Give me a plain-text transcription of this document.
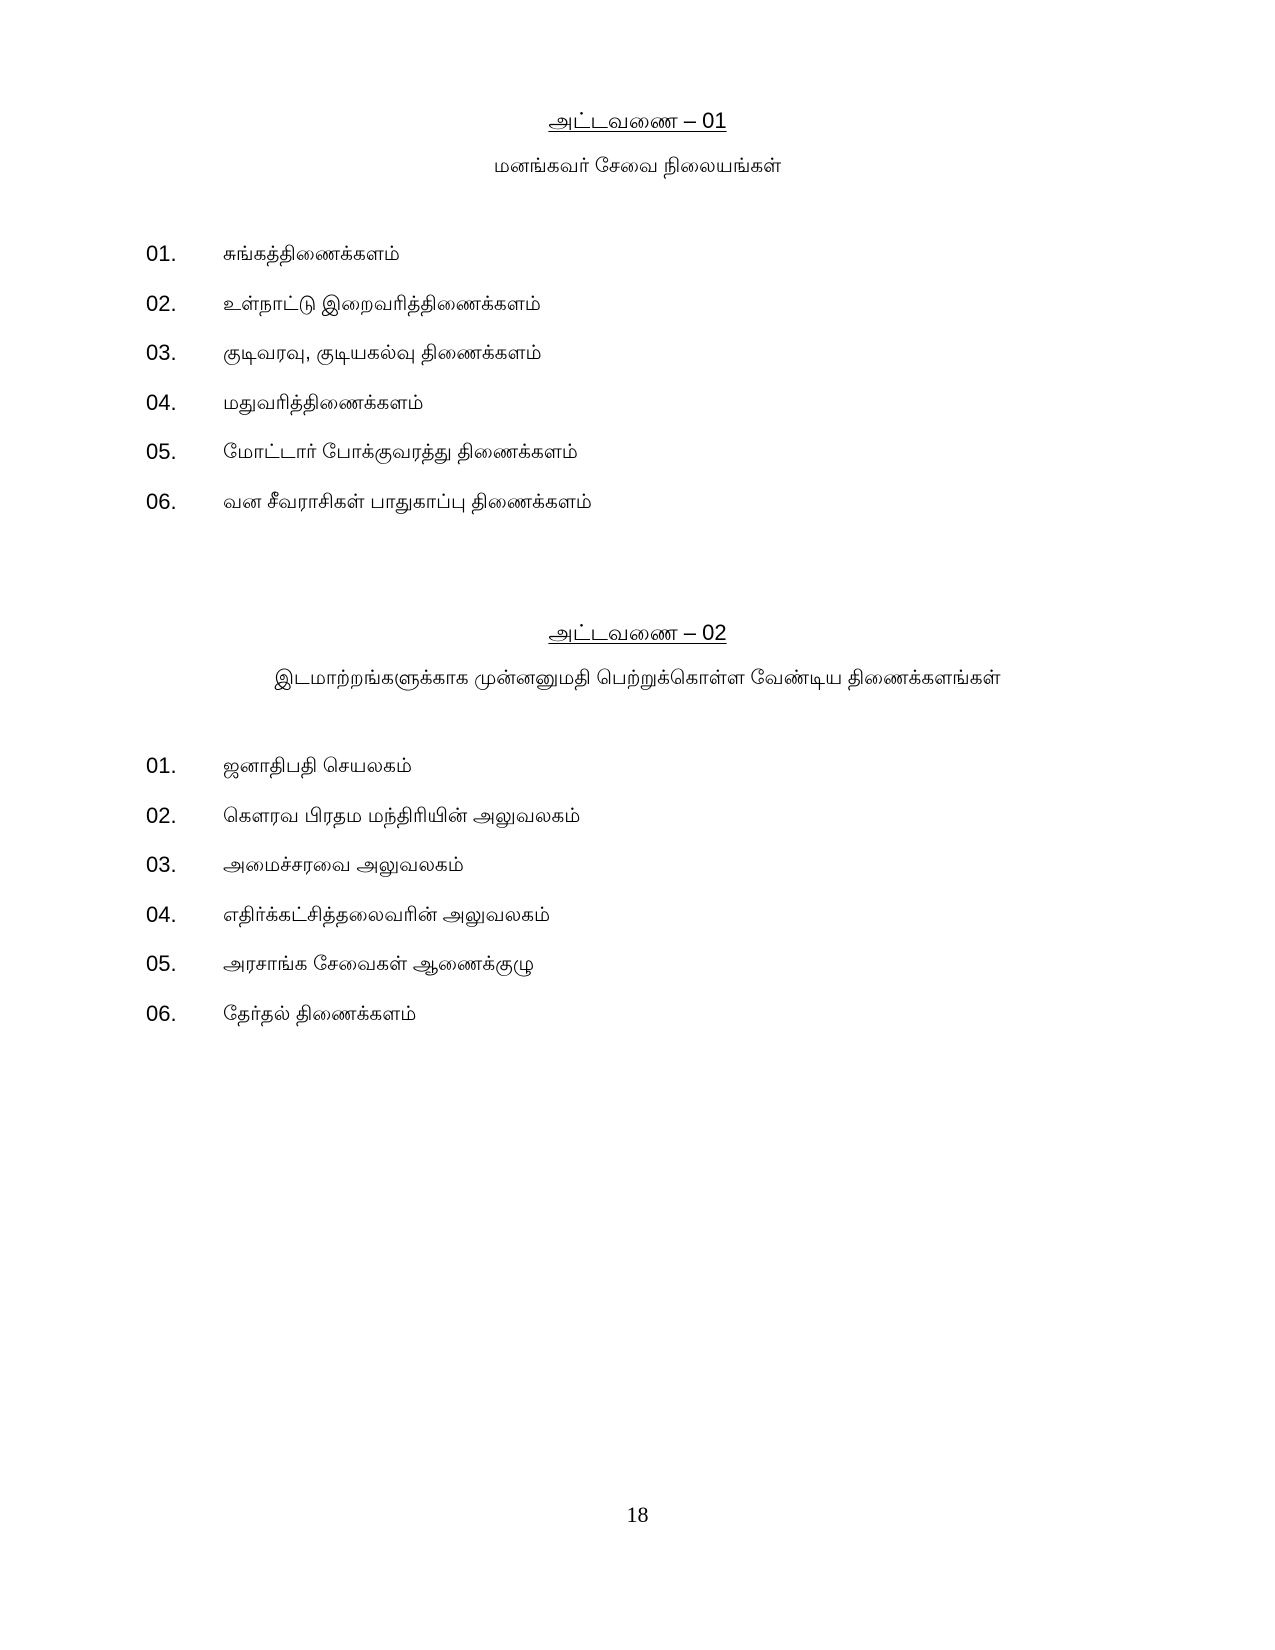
அட்டவணை – 01
மனங்கவர் சேவை நிலையங்கள்
01. சுங்கத்திணைக்களம்
02. உள்நாட்டு இறைவரித்திணைக்களம்
03. குடிவரவு, குடியகல்வு திணைக்களம்
04. மதுவரித்திணைக்களம்
05. மோட்டார் போக்குவரத்து திணைக்களம்
06. வன சீவராசிகள் பாதுகாப்பு திணைக்களம்
அட்டவணை – 02
இடமாற்றங்களுக்காக முன்னனுமதி பெற்றுக்கொள்ள வேண்டிய திணைக்களங்கள்
01. ஜனாதிபதி செயலகம்
02. கௌரவ பிரதம மந்திரியின் அலுவலகம்
03. அமைச்சரவை அலுவலகம்
04. எதிர்க்கட்சித்தலைவரின் அலுவலகம்
05. அரசாங்க சேவைகள் ஆணைக்குழு
06. தேர்தல் திணைக்களம்
18
